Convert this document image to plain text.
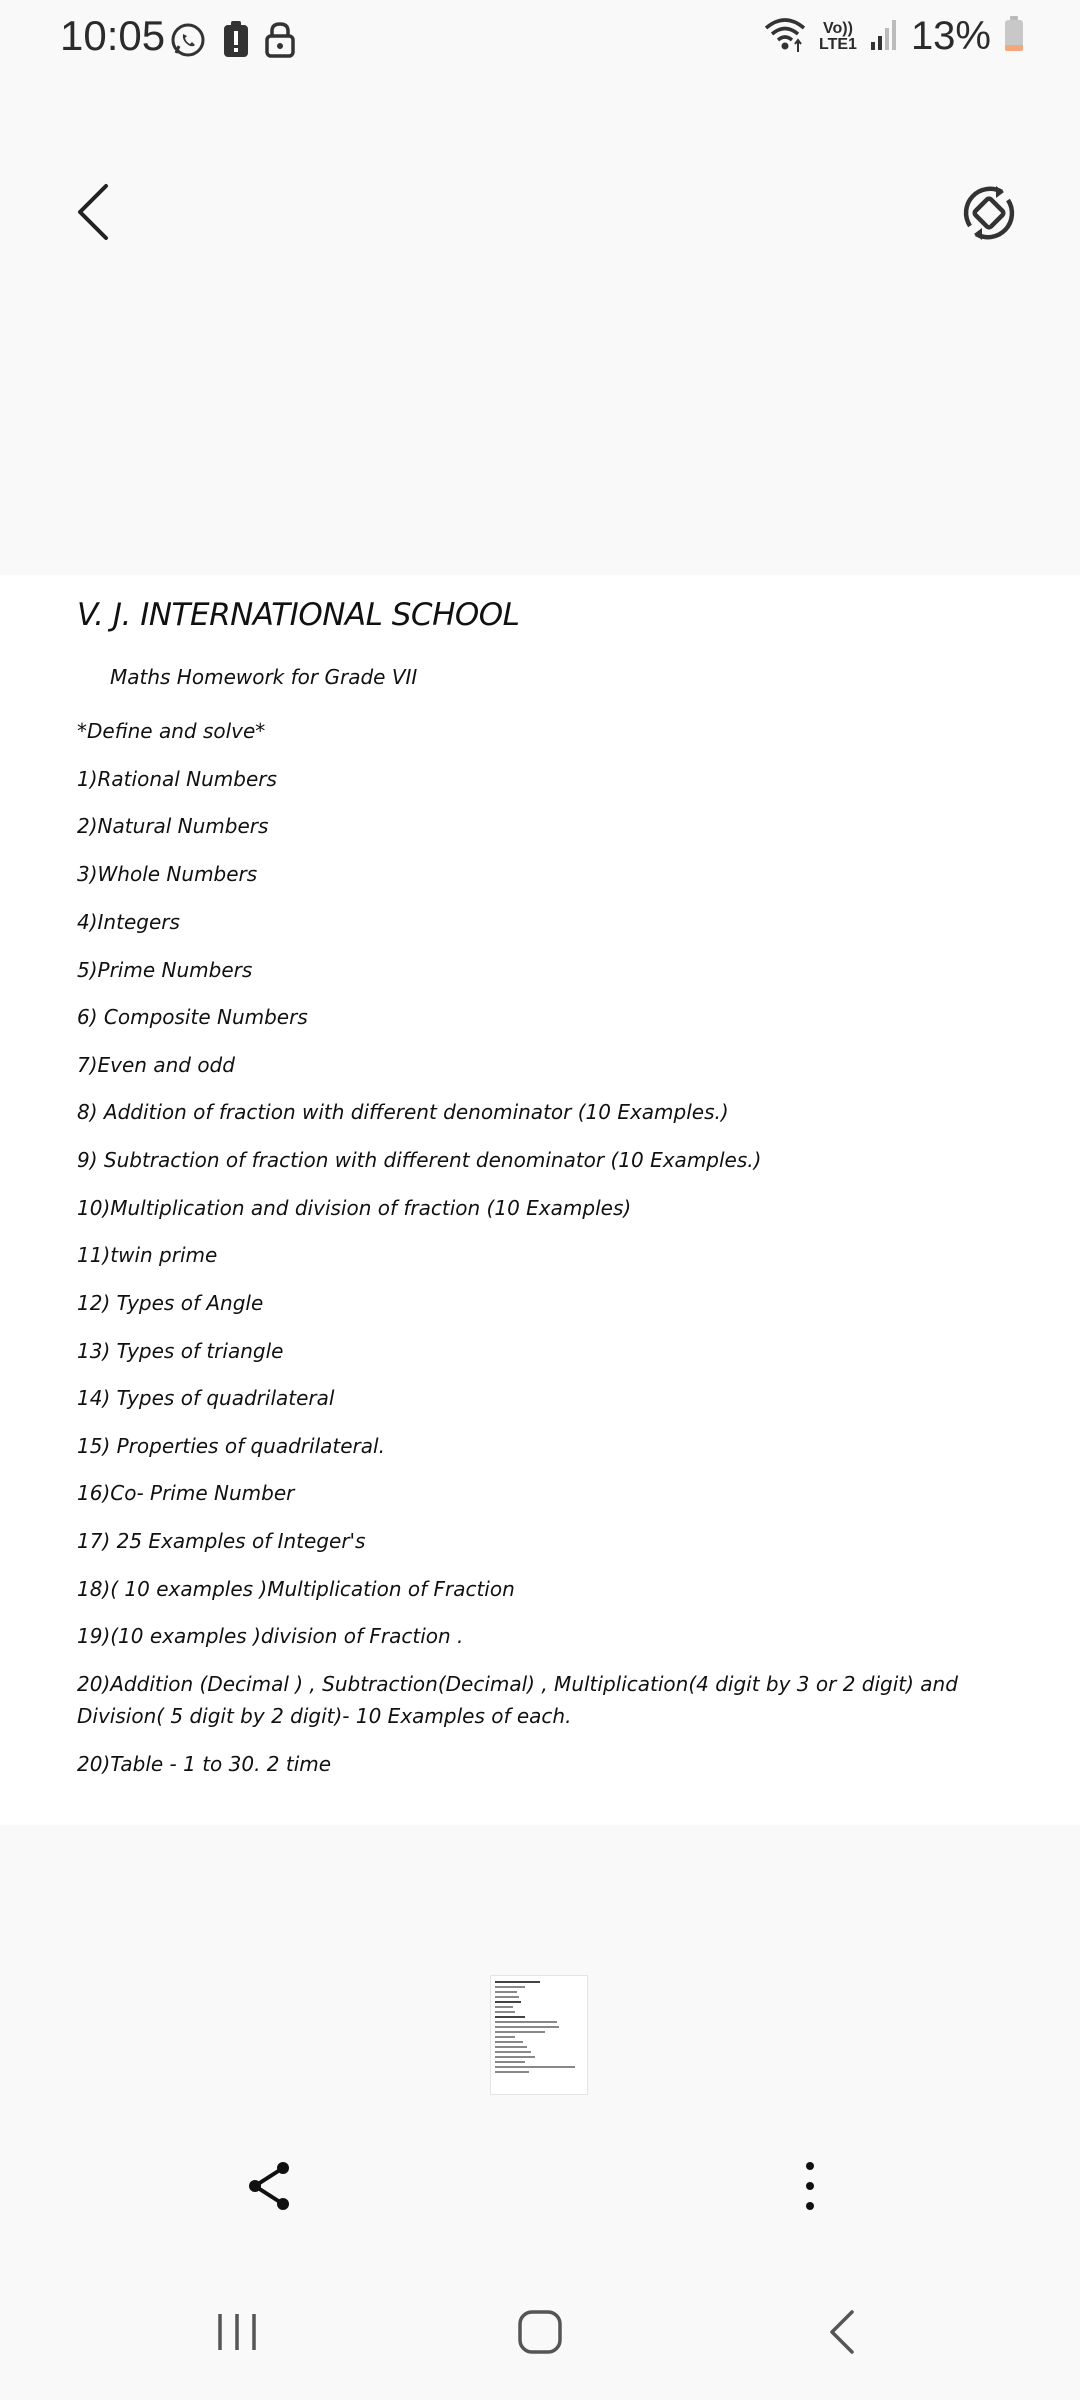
10:05	Vo))
LTE1 13%
V. J. INTERNATIONAL SCHOOL
Maths Homework for Grade VII
*Define and solve*
1)Rational Numbers
2)Natural Numbers
3)Whole Numbers
4)Integers
5)Prime Numbers
6) Composite Numbers
7)Even and odd
8) Addition of fraction with different denominator (10 Examples.)
9) Subtraction of fraction with different denominator (10 Examples.)
10)Multiplication and division of fraction (10 Examples)
11)twin prime
12) Types of Angle
13) Types of triangle
14) Types of quadrilateral
15) Properties of quadrilateral.
16)Co- Prime Number
17) 25 Examples of Integer's
18)( 10 examples )Multiplication of Fraction
19)(10 examples )division of Fraction .
20)Addition (Decimal ) , Subtraction(Decimal) , Multiplication(4 digit by 3 or 2 digit) and Division( 5 digit by 2 digit)- 10 Examples of each.
20)Table - 1 to 30. 2 time
